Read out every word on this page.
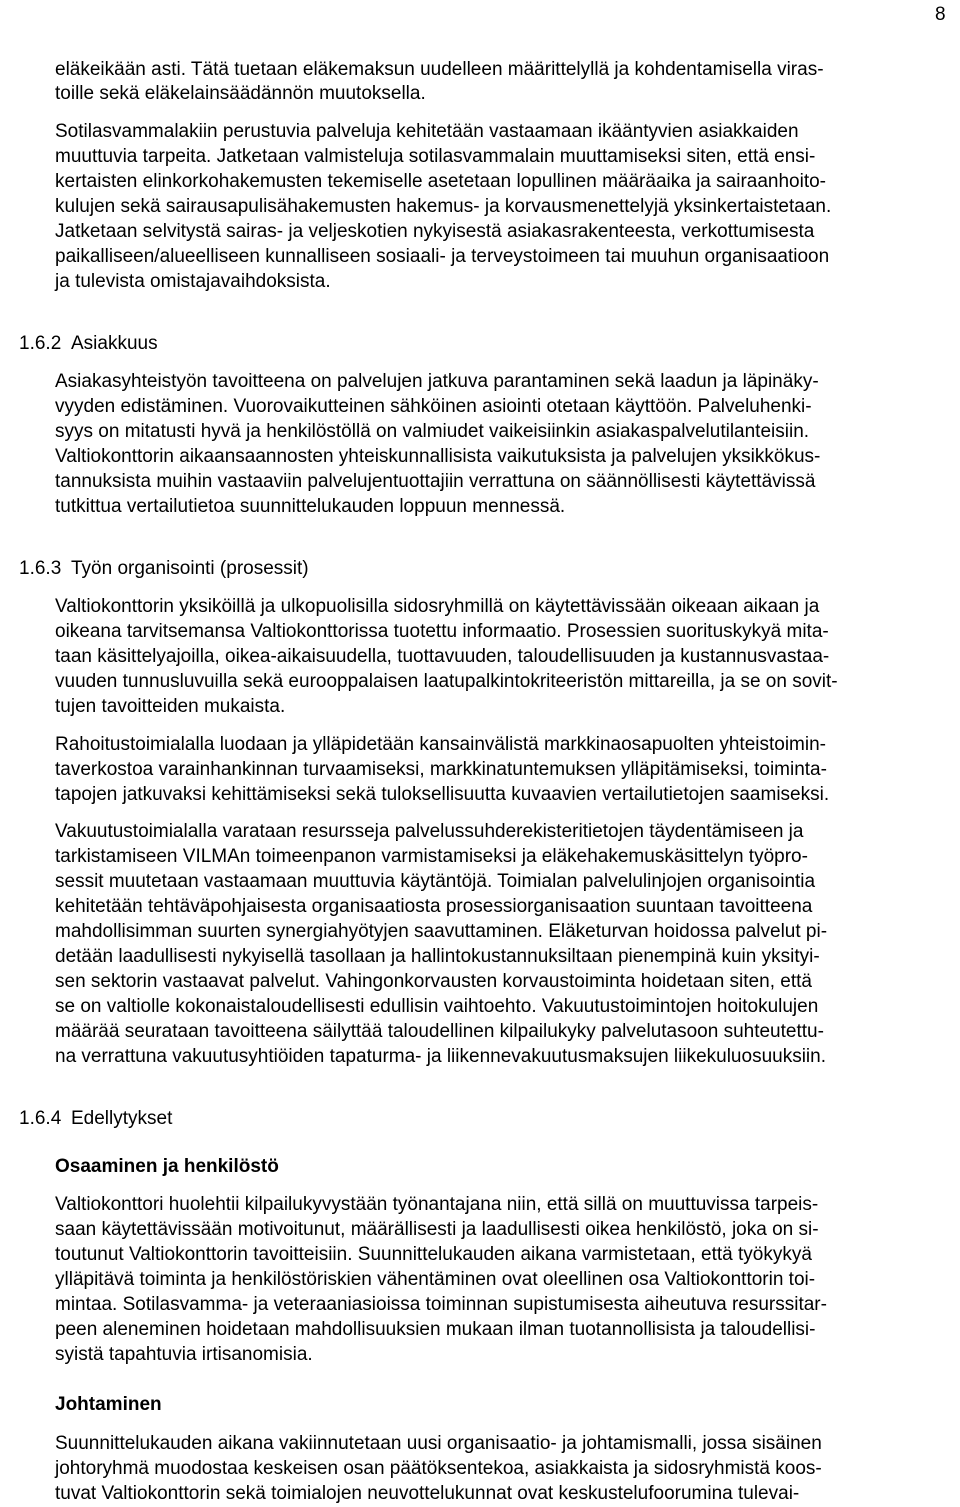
8
eläkeikään asti. Tätä tuetaan eläkemaksun uudelleen määrittelyllä ja kohdentamisella viras-
toille sekä eläkelainsäädännön muutoksella.
Sotilasvammalakiin perustuvia palveluja kehitetään vastaamaan ikääntyvien asiakkaiden
muuttuvia tarpeita. Jatketaan valmisteluja sotilasvammalain muuttamiseksi siten, että ensi-
kertaisten elinkorkohakemusten tekemiselle asetetaan lopullinen määräaika ja sairaanhoito-
kulujen sekä sairausapulisähakemusten hakemus- ja korvausmenettelyjä yksinkertaistetaan.
Jatketaan selvitystä sairas- ja veljeskotien nykyisestä asiakasrakenteesta, verkottumisesta
paikalliseen/alueelliseen kunnalliseen sosiaali- ja terveystoimeen tai muuhun organisaatioon
ja tulevista omistajavaihdoksista.
1.6.2 Asiakkuus
Asiakasyhteistyön tavoitteena on palvelujen jatkuva parantaminen sekä laadun ja läpinäky-
vyyden edistäminen. Vuorovaikutteinen sähköinen asiointi otetaan käyttöön. Palveluhenki-
syys on mitatusti hyvä ja henkilöstöllä on valmiudet vaikeisiinkin asiakaspalvelutilanteisiin.
Valtiokonttorin aikaansaannosten yhteiskunnallisista vaikutuksista ja palvelujen yksikkökus-
tannuksista muihin vastaaviin palvelujentuottajiin verrattuna on säännöllisesti käytettävissä
tutkittua vertailutietoa suunnittelukauden loppuun mennessä.
1.6.3 Työn organisointi (prosessit)
Valtiokonttorin yksiköillä ja ulkopuolisilla sidosryhmillä on käytettävissään oikeaan aikaan ja
oikeana tarvitsemansa Valtiokonttorissa tuotettu informaatio. Prosessien suorituskykyä mita-
taan käsittelyajoilla, oikea-aikaisuudella, tuottavuuden, taloudellisuuden ja kustannusvastaa-
vuuden tunnusluvuilla sekä eurooppalaisen laatupalkintokriteeristön mittareilla, ja se on sovit-
tujen tavoitteiden mukaista.
Rahoitustoimialalla luodaan ja ylläpidetään kansainvälistä markkinaosapuolten yhteistoimin-
taverkostoa varainhankinnan turvaamiseksi, markkinatuntemuksen ylläpitämiseksi, toiminta-
tapojen jatkuvaksi kehittämiseksi sekä tuloksellisuutta kuvaavien vertailutietojen saamiseksi.
Vakuutustoimialalla varataan resursseja palvelussuhderekisteritietojen täydentämiseen ja
tarkistamiseen VILMAn toimeenpanon varmistamiseksi ja eläkehakemuskäsittelyn työpro-
sessit muutetaan vastaamaan muuttuvia käytäntöjä. Toimialan palvelulinjojen organisointia
kehitetään tehtäväpohjaisesta organisaatiosta prosessiorganisaation suuntaan tavoitteena
mahdollisimman suurten synergiahyötyjen saavuttaminen. Eläketurvan hoidossa palvelut pi-
detään laadullisesti nykyisellä tasollaan ja hallintokustannuksiltaan pienempinä kuin yksityi-
sen sektorin vastaavat palvelut. Vahingonkorvausten korvaustoiminta hoidetaan siten, että
se on valtiolle kokonaistaloudellisesti edullisin vaihtoehto. Vakuutustoimintojen hoitokulujen
määrää seurataan tavoitteena säilyttää taloudellinen kilpailukyky palvelutasoon suhteutettu-
na verrattuna vakuutusyhtiöiden tapaturma- ja liikennevakuutusmaksujen liikekuluosuuksiin.
1.6.4 Edellytykset
Osaaminen ja henkilöstö
Valtiokonttori huolehtii kilpailukyvystään työnantajana niin, että sillä on muuttuvissa tarpeis-
saan käytettävissään motivoitunut, määrällisesti ja laadullisesti oikea henkilöstö, joka on si-
toutunut Valtiokonttorin tavoitteisiin. Suunnittelukauden aikana varmistetaan, että työkykyä
ylläpitävä toiminta ja henkilöstöriskien vähentäminen ovat oleellinen osa Valtiokonttorin toi-
mintaa. Sotilasvamma- ja veteraaniasioissa toiminnan supistumisesta aiheutuva resurssitar-
peen aleneminen hoidetaan mahdollisuuksien mukaan ilman tuotannollisista ja taloudellisi-
syistä tapahtuvia irtisanomisia.
Johtaminen
Suunnittelukauden aikana vakiinnutetaan uusi organisaatio- ja johtamismalli, jossa sisäinen
johtoryhmä muodostaa keskeisen osan päätöksentekoa, asiakkaista ja sidosryhmistä koos-
tuvat Valtiokonttorin sekä toimialojen neuvottelukunnat ovat keskustelufoorumina tulevai-
